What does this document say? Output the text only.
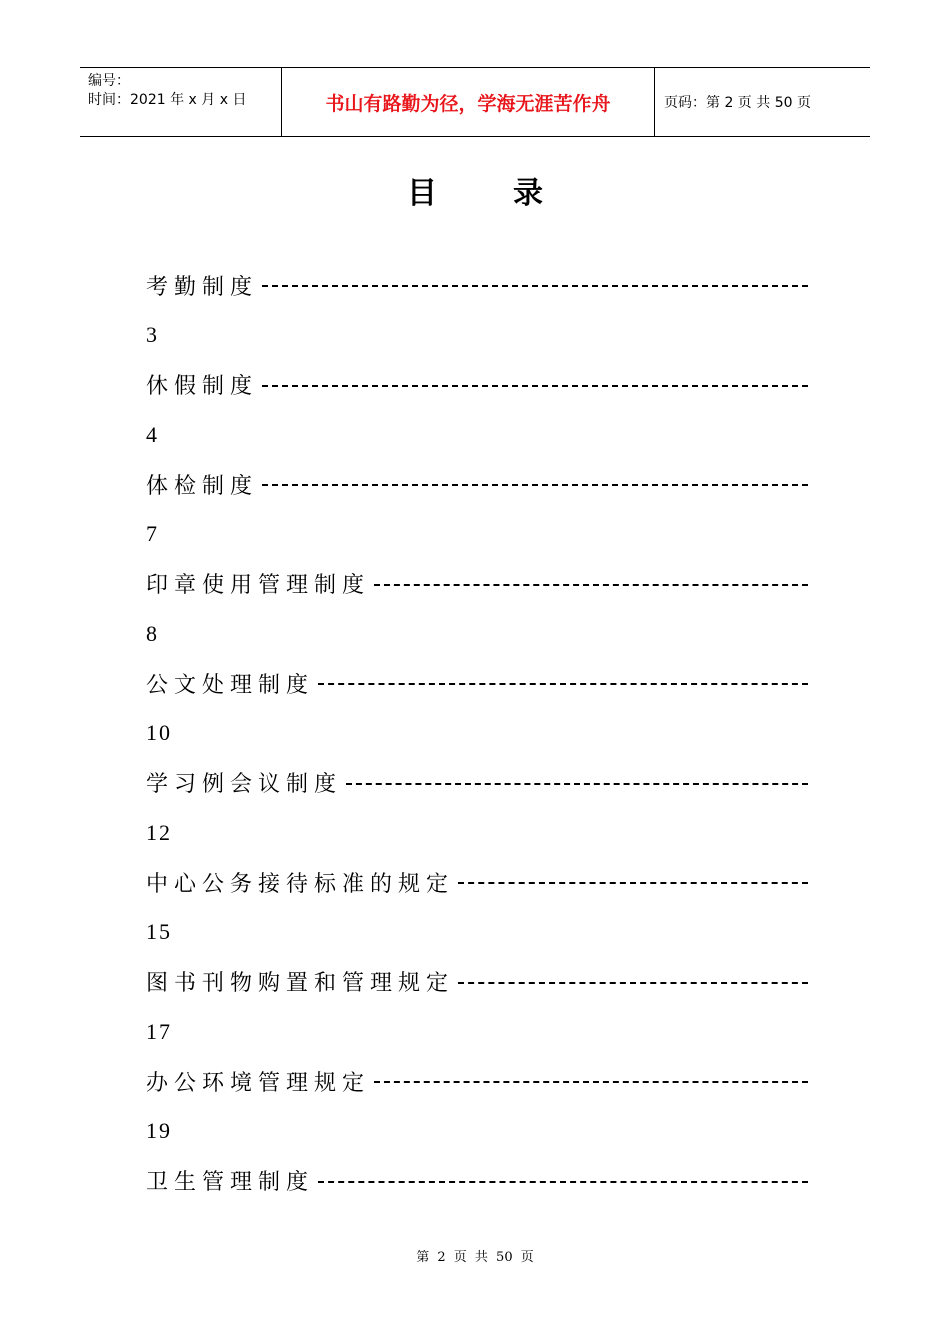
编号：
时间：2021 年 x 月 x 日	书山有路勤为径，学海无涯苦作舟	页码：第 2 页 共 50 页
目录
考勤制度
3
休假制度
4
体检制度
7
印章使用管理制度
8
公文处理制度
10
学习例会议制度
12
中心公务接待标准的规定
15
图书刊物购置和管理规定
17
办公环境管理规定
19
卫生管理制度
第 2 页 共 50 页
